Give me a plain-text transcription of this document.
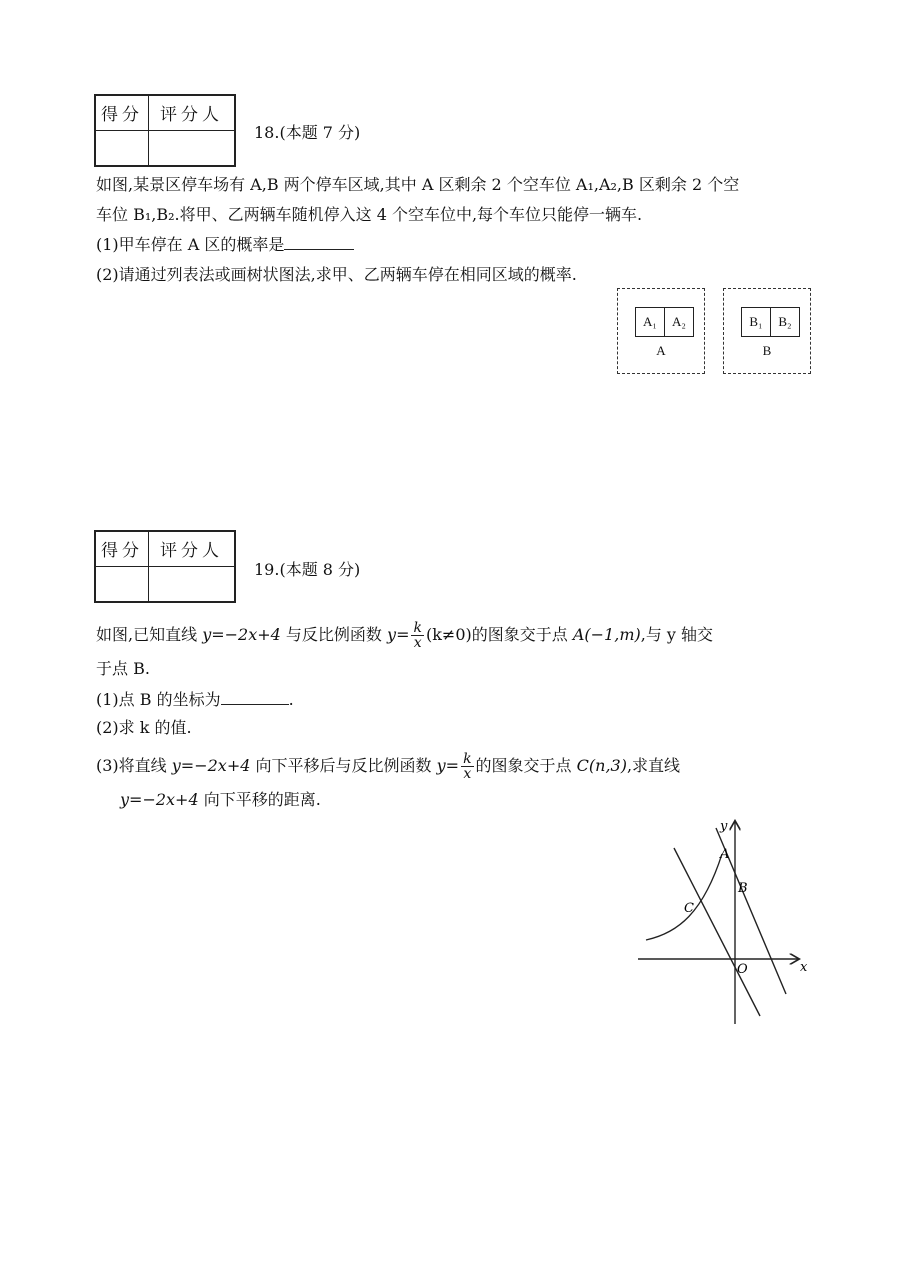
得分	评分人

18.(本题 7 分)
如图,某景区停车场有 A,B 两个停车区域,其中 A 区剩余 2 个空车位 A₁,A₂,B 区剩余 2 个空
车位 B₁,B₂.将甲、乙两辆车随机停入这 4 个空车位中,每个车位只能停一辆车.
(1)甲车停在 A 区的概率是
(2)请通过列表法或画树状图法,求甲、乙两辆车停在相同区域的概率.
A₁	A₂
A
B₁	B₂
B
得分	评分人

19.(本题 8 分)
如图,已知直线 y=−2x+4 与反比例函数 $y= \frac{k}{x} (k\ne 0)$的图象交于点 A(−1,m),与 y 轴交
于点 B.
(1)点 B 的坐标为	.
(2)求 k 的值.
(3)将直线 y=−2x+4 向下平移后与反比例函数 $y= \frac{k}{x}$ 的图象交于点 C(n,3),求直线
y=−2x+4 向下平移的距离.
y
x
O
A
B
C
